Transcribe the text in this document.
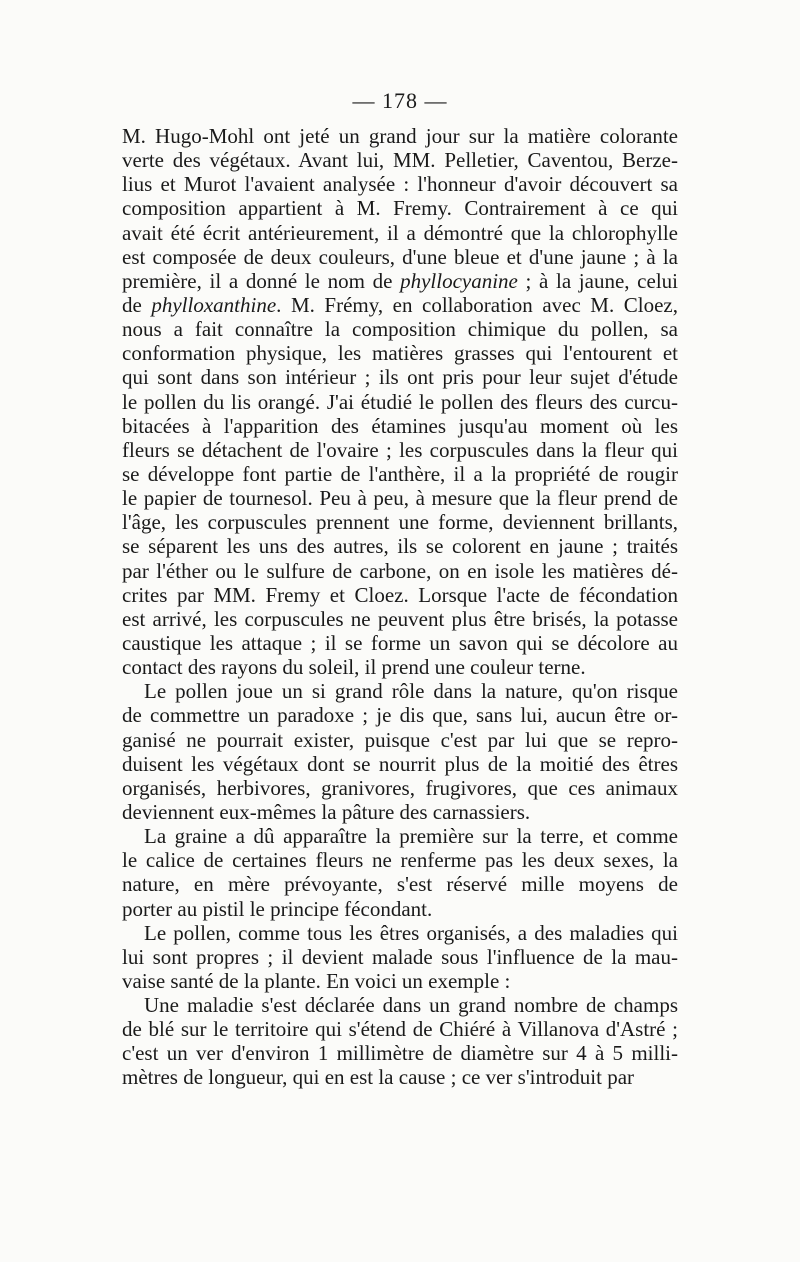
— 178 —
M. Hugo-Mohl ont jeté un grand jour sur la matière colorante
verte des végétaux. Avant lui, MM. Pelletier, Caventou, Berze-
lius et Murot l'avaient analysée : l'honneur d'avoir découvert sa
composition appartient à M. Fremy. Contrairement à ce qui
avait été écrit antérieurement, il a démontré que la chlorophylle
est composée de deux couleurs, d'une bleue et d'une jaune ; à la
première, il a donné le nom de phyllocyanine ; à la jaune, celui
de phylloxanthine. M. Frémy, en collaboration avec M. Cloez,
nous a fait connaître la composition chimique du pollen, sa
conformation physique, les matières grasses qui l'entourent et
qui sont dans son intérieur ; ils ont pris pour leur sujet d'étude
le pollen du lis orangé. J'ai étudié le pollen des fleurs des curcu-
bitacées à l'apparition des étamines jusqu'au moment où les
fleurs se détachent de l'ovaire ; les corpuscules dans la fleur qui
se développe font partie de l'anthère, il a la propriété de rougir
le papier de tournesol. Peu à peu, à mesure que la fleur prend de
l'âge, les corpuscules prennent une forme, deviennent brillants,
se séparent les uns des autres, ils se colorent en jaune ; traités
par l'éther ou le sulfure de carbone, on en isole les matières dé-
crites par MM. Fremy et Cloez. Lorsque l'acte de fécondation
est arrivé, les corpuscules ne peuvent plus être brisés, la potasse
caustique les attaque ; il se forme un savon qui se décolore au
contact des rayons du soleil, il prend une couleur terne.
Le pollen joue un si grand rôle dans la nature, qu'on risque
de commettre un paradoxe ; je dis que, sans lui, aucun être or-
ganisé ne pourrait exister, puisque c'est par lui que se repro-
duisent les végétaux dont se nourrit plus de la moitié des êtres
organisés, herbivores, granivores, frugivores, que ces animaux
deviennent eux-mêmes la pâture des carnassiers.
La graine a dû apparaître la première sur la terre, et comme
le calice de certaines fleurs ne renferme pas les deux sexes, la
nature, en mère prévoyante, s'est réservé mille moyens de
porter au pistil le principe fécondant.
Le pollen, comme tous les êtres organisés, a des maladies qui
lui sont propres ; il devient malade sous l'influence de la mau-
vaise santé de la plante. En voici un exemple :
Une maladie s'est déclarée dans un grand nombre de champs
de blé sur le territoire qui s'étend de Chiéré à Villanova d'Astré ;
c'est un ver d'environ 1 millimètre de diamètre sur 4 à 5 milli-
mètres de longueur, qui en est la cause ; ce ver s'introduit par
